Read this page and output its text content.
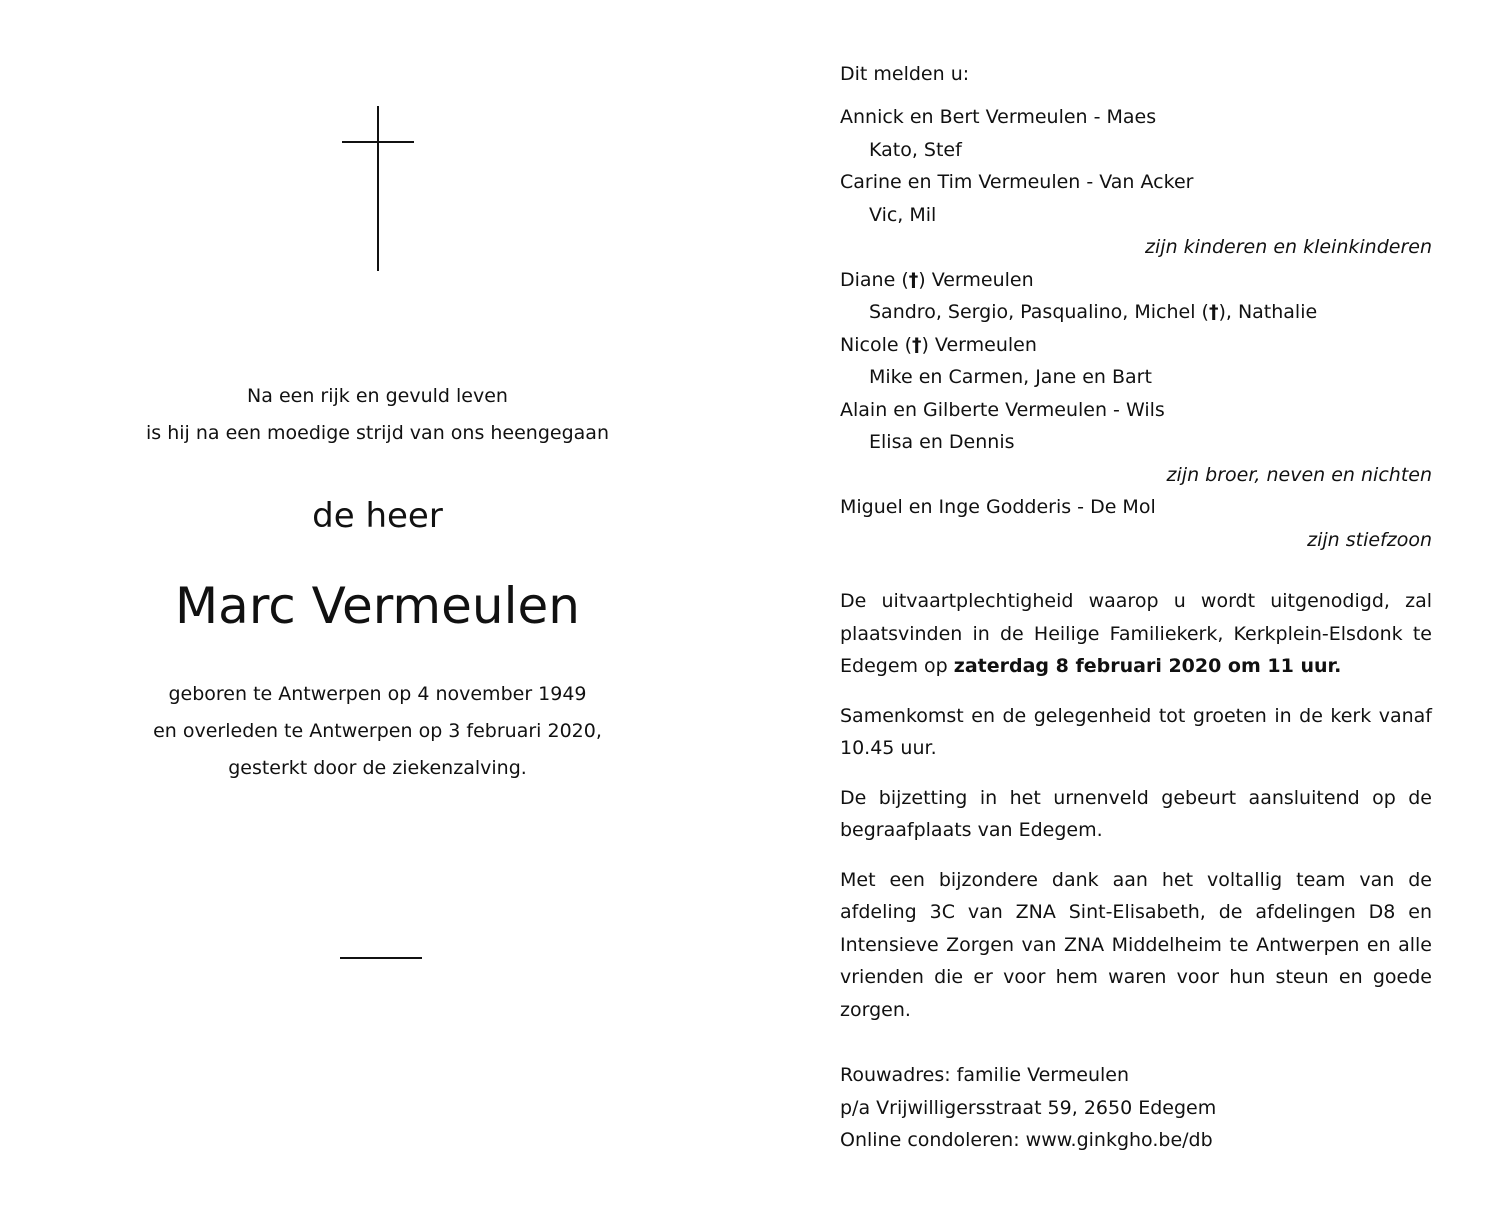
Na een rijk en gevuld leven
is hij na een moedige strijd van ons heengegaan
de heer
Marc Vermeulen
geboren te Antwerpen op 4 november 1949
en overleden te Antwerpen op 3 februari 2020,
gesterkt door de ziekenzalving.
Dit melden u:
Annick en Bert Vermeulen - Maes
Kato, Stef
Carine en Tim Vermeulen - Van Acker
Vic, Mil
zijn kinderen en kleinkinderen
Diane (†) Vermeulen
Sandro, Sergio, Pasqualino, Michel (†), Nathalie
Nicole (†) Vermeulen
Mike en Carmen, Jane en Bart
Alain en Gilberte Vermeulen - Wils
Elisa en Dennis
zijn broer, neven en nichten
Miguel en Inge Godderis - De Mol
zijn stiefzoon

De uitvaartplechtigheid waarop u wordt uitgenodigd, zal plaatsvinden in de Heilige Familiekerk, Kerkplein-Elsdonk te Edegem op zaterdag 8 februari 2020 om 11 uur.

Samenkomst en de gelegenheid tot groeten in de kerk vanaf 10.45 uur.

De bijzetting in het urnenveld gebeurt aansluitend op de begraafplaats van Edegem.

Met een bijzondere dank aan het voltallig team van de afdeling 3C van ZNA Sint-Elisabeth, de afdelingen D8 en Intensieve Zorgen van ZNA Middelheim te Antwerpen en alle vrienden die er voor hem waren voor hun steun en goede zorgen.

Rouwadres: familie Vermeulen
p/a Vrijwilligersstraat 59, 2650 Edegem
Online condoleren: www.ginkgho.be/db
